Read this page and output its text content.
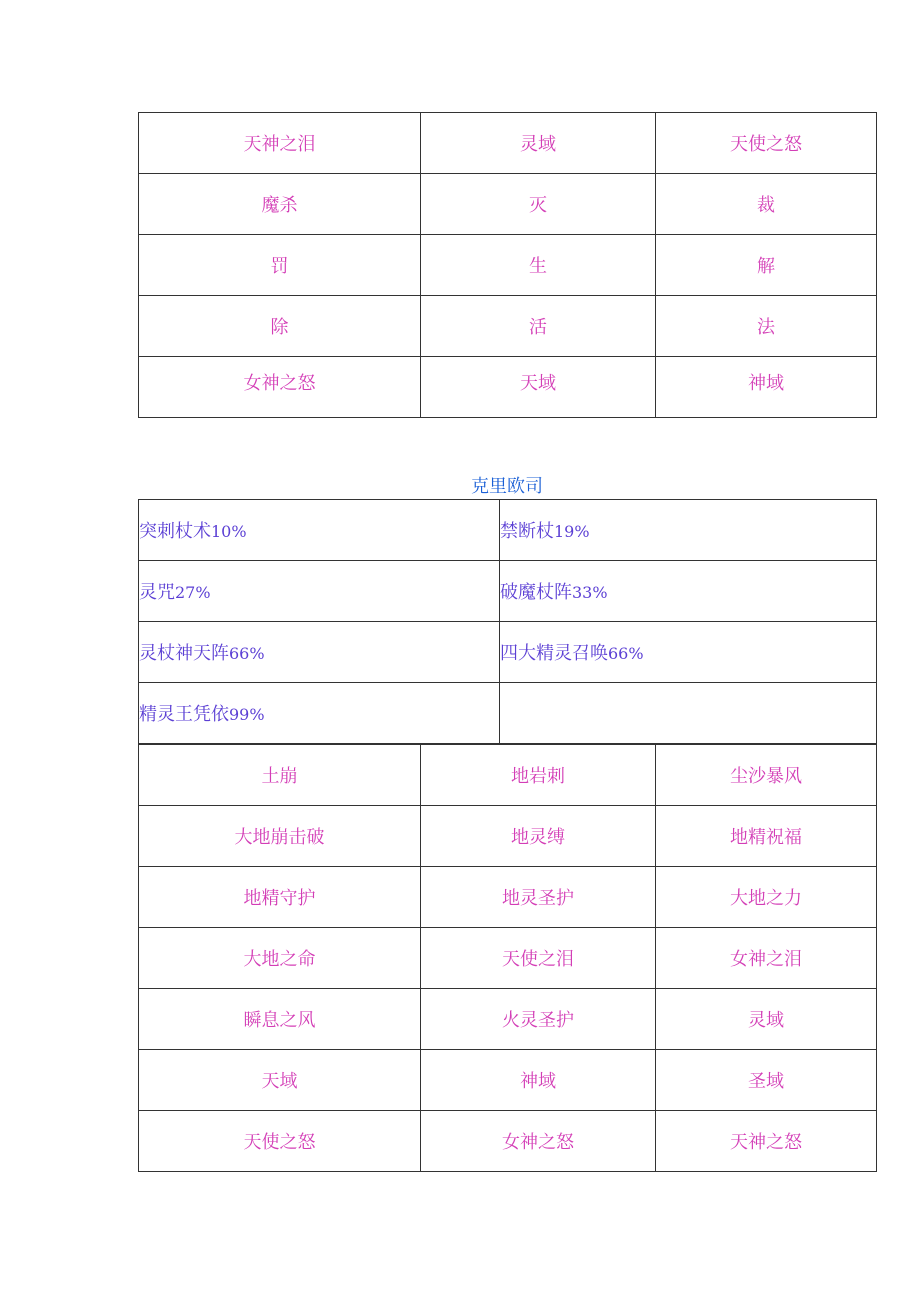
天神之泪	灵域	天使之怒
魔杀	灭	裁
罚	生	解
除	活	法
女神之怒	天域	神域
克里欧司
突刺杖术10%	禁断杖19%
灵咒27%	破魔杖阵33%
灵杖神天阵66%	四大精灵召唤66%
精灵王凭依99%	
土崩	地岩刺	尘沙暴风
大地崩击破	地灵缚	地精祝福
地精守护	地灵圣护	大地之力
大地之命	天使之泪	女神之泪
瞬息之风	火灵圣护	灵域
天域	神域	圣域
天使之怒	女神之怒	天神之怒
